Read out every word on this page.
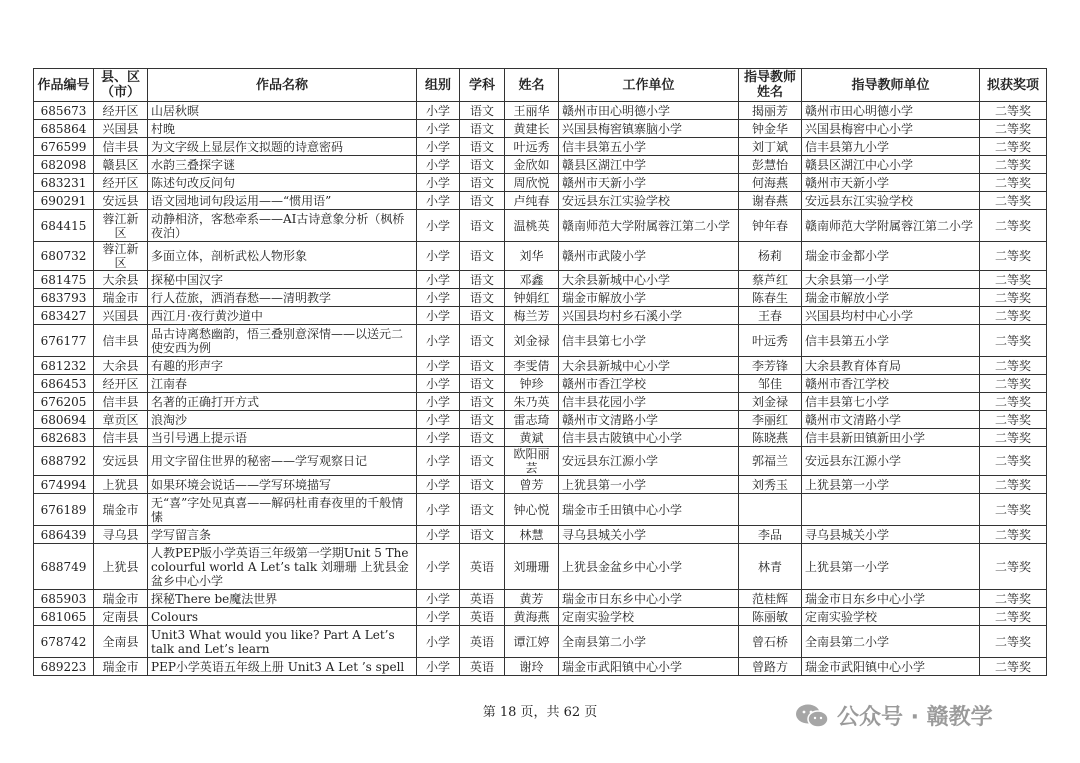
作品编号	县、区（市）	作品名称	组别	学科	姓名	工作单位	指导教师姓名	指导教师单位	拟获奖项
685673	经开区	山居秋暝	小学	语文	王丽华	赣州市田心明德小学	揭丽芳	赣州市田心明德小学	二等奖
685864	兴国县	村晚	小学	语文	黄建长	兴国县梅窖镇寨脑小学	钟金华	兴国县梅窖中心小学	二等奖
676599	信丰县	为文字级上显层作文拟题的诗意密码	小学	语文	叶远秀	信丰县第五小学	刘丁斌	信丰县第九小学	二等奖
682098	赣县区	水韵三叠探字谜	小学	语文	金欣如	赣县区湖江中学	彭慧怡	赣县区湖江中心小学	二等奖
683231	经开区	陈述句改反问句	小学	语文	周欣悦	赣州市天新小学	何海燕	赣州市天新小学	二等奖
690291	安远县	语文园地词句段运用——“惯用语”	小学	语文	卢纯春	安远县东江实验学校	谢春燕	安远县东江实验学校	二等奖
684415	蓉江新区	动静相济，客愁牵系——AI古诗意象分析（枫桥夜泊）	小学	语文	温桃英	赣南师范大学附属蓉江第二小学	钟年春	赣南师范大学附属蓉江第二小学	二等奖
680732	蓉江新区	多面立体，剖析武松人物形象	小学	语文	刘华	赣州市武陵小学	杨莉	瑞金市金都小学	二等奖
681475	大余县	探秘中国汉字	小学	语文	邓鑫	大余县新城中心小学	蔡芦红	大余县第一小学	二等奖
683793	瑞金市	行人莅旅，洒消春愁——清明教学	小学	语文	钟娟红	瑞金市解放小学	陈春生	瑞金市解放小学	二等奖
683427	兴国县	西江月·夜行黄沙道中	小学	语文	梅兰芳	兴国县均村乡石溪小学	王春	兴国县均村中心小学	二等奖
676177	信丰县	品古诗离愁幽韵，悟三叠别意深情——以送元二使安西为例	小学	语文	刘金禄	信丰县第七小学	叶远秀	信丰县第五小学	二等奖
681232	大余县	有趣的形声字	小学	语文	李雯倩	大余县新城中心小学	李芳锋	大余县教育体育局	二等奖
686453	经开区	江南春	小学	语文	钟珍	赣州市香江学校	邹佳	赣州市香江学校	二等奖
676205	信丰县	名著的正确打开方式	小学	语文	朱乃英	信丰县花园小学	刘金禄	信丰县第七小学	二等奖
680694	章贡区	浪淘沙	小学	语文	雷志琦	赣州市文清路小学	李丽红	赣州市文清路小学	二等奖
682683	信丰县	当引号遇上提示语	小学	语文	黄斌	信丰县古陂镇中心小学	陈晓燕	信丰县新田镇新田小学	二等奖
688792	安远县	用文字留住世界的秘密——学写观察日记	小学	语文	欧阳丽芸	安远县东江源小学	郭福兰	安远县东江源小学	二等奖
674994	上犹县	如果环境会说话——学写环境描写	小学	语文	曾芳	上犹县第一小学	刘秀玉	上犹县第一小学	二等奖
676189	瑞金市	无“喜”字处见真喜——解码杜甫春夜里的千般情愫	小学	语文	钟心悦	瑞金市壬田镇中心小学			二等奖
686439	寻乌县	学写留言条	小学	语文	林慧	寻乌县城关小学	李品	寻乌县城关小学	二等奖
688749	上犹县	人教PEP版小学英语三年级第一学期Unit 5 The colourful world A Let’s talk 刘珊珊 上犹县金盆乡中心小学	小学	英语	刘珊珊	上犹县金盆乡中心小学	林青	上犹县第一小学	二等奖
685903	瑞金市	探秘There be魔法世界	小学	英语	黄芳	瑞金市日东乡中心小学	范桂辉	瑞金市日东乡中心小学	二等奖
681065	定南县	Colours	小学	英语	黄海燕	定南实验学校	陈丽敏	定南实验学校	二等奖
678742	全南县	Unit3 What would you like? Part A Let’s talk and Let’s learn	小学	英语	谭江婷	全南县第二小学	曾石桥	全南县第二小学	二等奖
689223	瑞金市	PEP小学英语五年级上册 Unit3 A Let ’s spell	小学	英语	谢玲	瑞金市武阳镇中心小学	曾路方	瑞金市武阳镇中心小学	二等奖
第 18 页，共 62 页	公众号 · 赣教学
